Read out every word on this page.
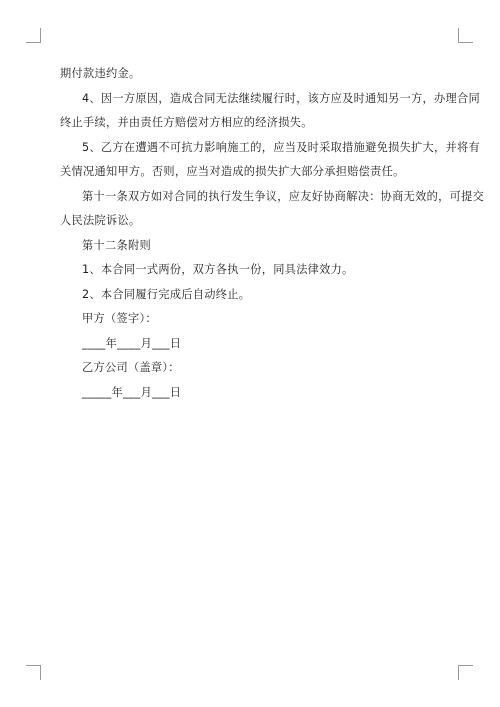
期付款违约金。
4、因一方原因，造成合同无法继续履行时，该方应及时通知另一方，办理合同
终止手续，并由责任方赔偿对方相应的经济损失。
5、乙方在遭遇不可抗力影响施工的，应当及时采取措施避免损失扩大，并将有
关情况通知甲方。否则，应当对造成的损失扩大部分承担赔偿责任。
第十一条双方如对合同的执行发生争议，应友好协商解决：协商无效的，可提交
人民法院诉讼。
第十二条附则
1、本合同一式两份，双方各执一份，同具法律效力。
2、本合同履行完成后自动终止。
甲方（签字）：
____年____月___日
乙方公司（盖章）：
_____年___月___日
